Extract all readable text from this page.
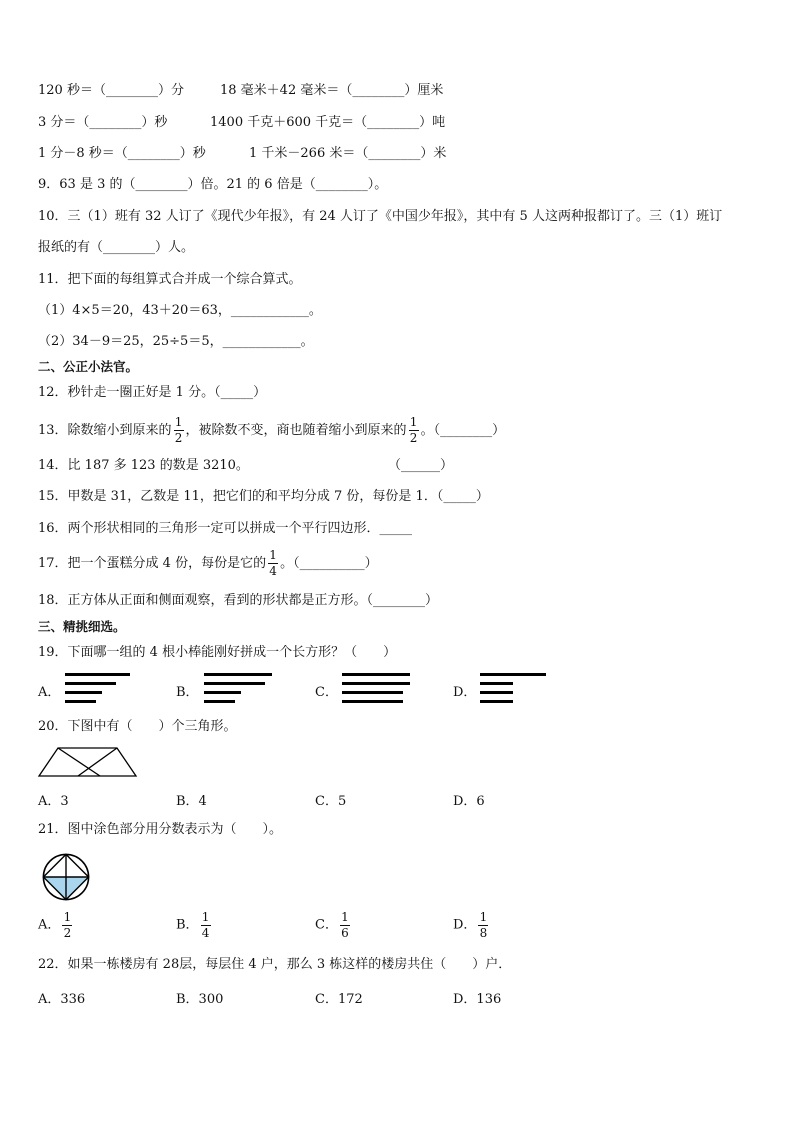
120 秒＝（________）分	18 毫米＋42 毫米＝（________）厘米
3 分＝（________）秒	1400 千克＋600 千克＝（________）吨
1 分－8 秒＝（________）秒	1 千米－266 米＝（________）米
9．63 是 3 的（________）倍。21 的 6 倍是（________）。
10．三（1）班有 32 人订了《现代少年报》，有 24 人订了《中国少年报》，其中有 5 人这两种报都订了。三（1）班订
报纸的有（________）人。
11．把下面的每组算式合并成一个综合算式。
（1）4×5＝20，43＋20＝63，____________。
（2）34－9＝25，25÷5＝5，____________。
二、公正小法官。
12．秒针走一圈正好是 1 分。（_____）
13．除数缩小到原来的 $\frac{1}{2}$ ，被除数不变，商也随着缩小到原来的 $\frac{1}{2}$ 。（________）
14．比 187 多 123 的数是 3210。	（______）
15．甲数是 31，乙数是 11，把它们的和平均分成 7 份，每份是 1．（_____）
16．两个形状相同的三角形一定可以拼成一个平行四边形．_____
17．把一个蛋糕分成 4 份，每份是它的 $\frac{1}{4}$ 。（__________）
18．正方体从正面和侧面观察，看到的形状都是正方形。（________）
三、精挑细选。
19．下面哪一组的 4 根小棒能刚好拼成一个长方形？（　　）
A．	B．	C．	D．
20．下图中有（　　）个三角形。
A．3	B．4	C．5	D．6
21．图中涂色部分用分数表示为（　　）。
A． $\frac{1}{2}$	B． $\frac{1}{4}$	C． $\frac{1}{6}$	D． $\frac{1}{8}$
22．如果一栋楼房有 28层，每层住 4 户，那么 3 栋这样的楼房共住（　　）户．
A．336	B．300	C．172	D．136
